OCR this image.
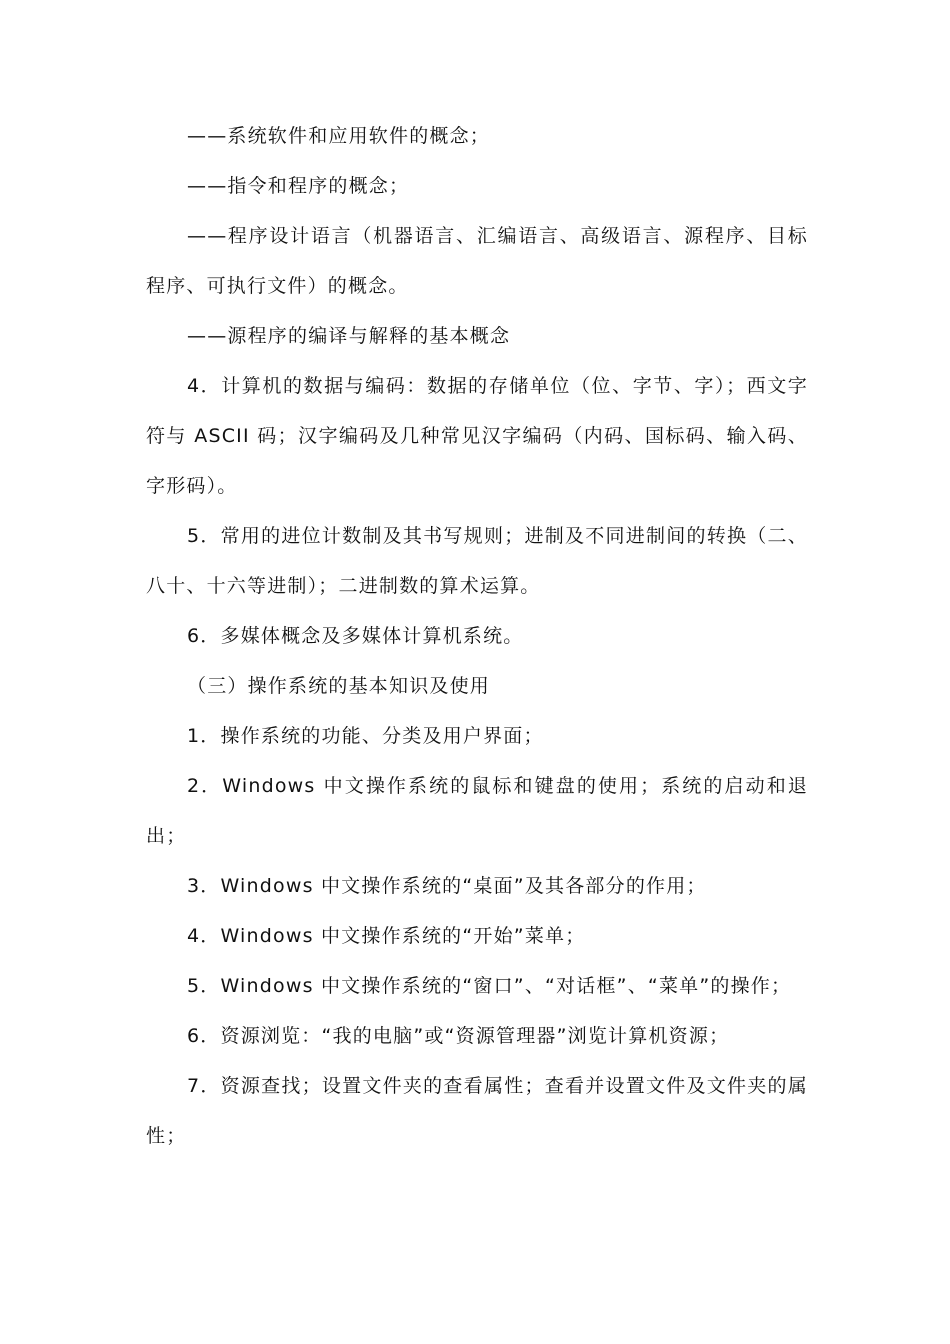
——系统软件和应用软件的概念；

——指令和程序的概念；

——程序设计语言（机器语言、汇编语言、高级语言、源程序、目标程序、可执行文件）的概念。

——源程序的编译与解释的基本概念

4．计算机的数据与编码：数据的存储单位（位、字节、字）；西文字符与 ASCII 码；汉字编码及几种常见汉字编码（内码、国标码、输入码、字形码）。

5．常用的进位计数制及其书写规则；进制及不同进制间的转换（二、八十、十六等进制）；二进制数的算术运算。

6．多媒体概念及多媒体计算机系统。

（三）操作系统的基本知识及使用

1．操作系统的功能、分类及用户界面；

2．Windows 中文操作系统的鼠标和键盘的使用；系统的启动和退 出；

3．Windows 中文操作系统的“桌面”及其各部分的作用；

4．Windows 中文操作系统的“开始”菜单；

5．Windows 中文操作系统的“窗口”、“对话框”、“菜单”的操作；

6．资源浏览：“我的电脑”或“资源管理器”浏览计算机资源；

7．资源查找；设置文件夹的查看属性；查看并设置文件及文件夹的属性；
